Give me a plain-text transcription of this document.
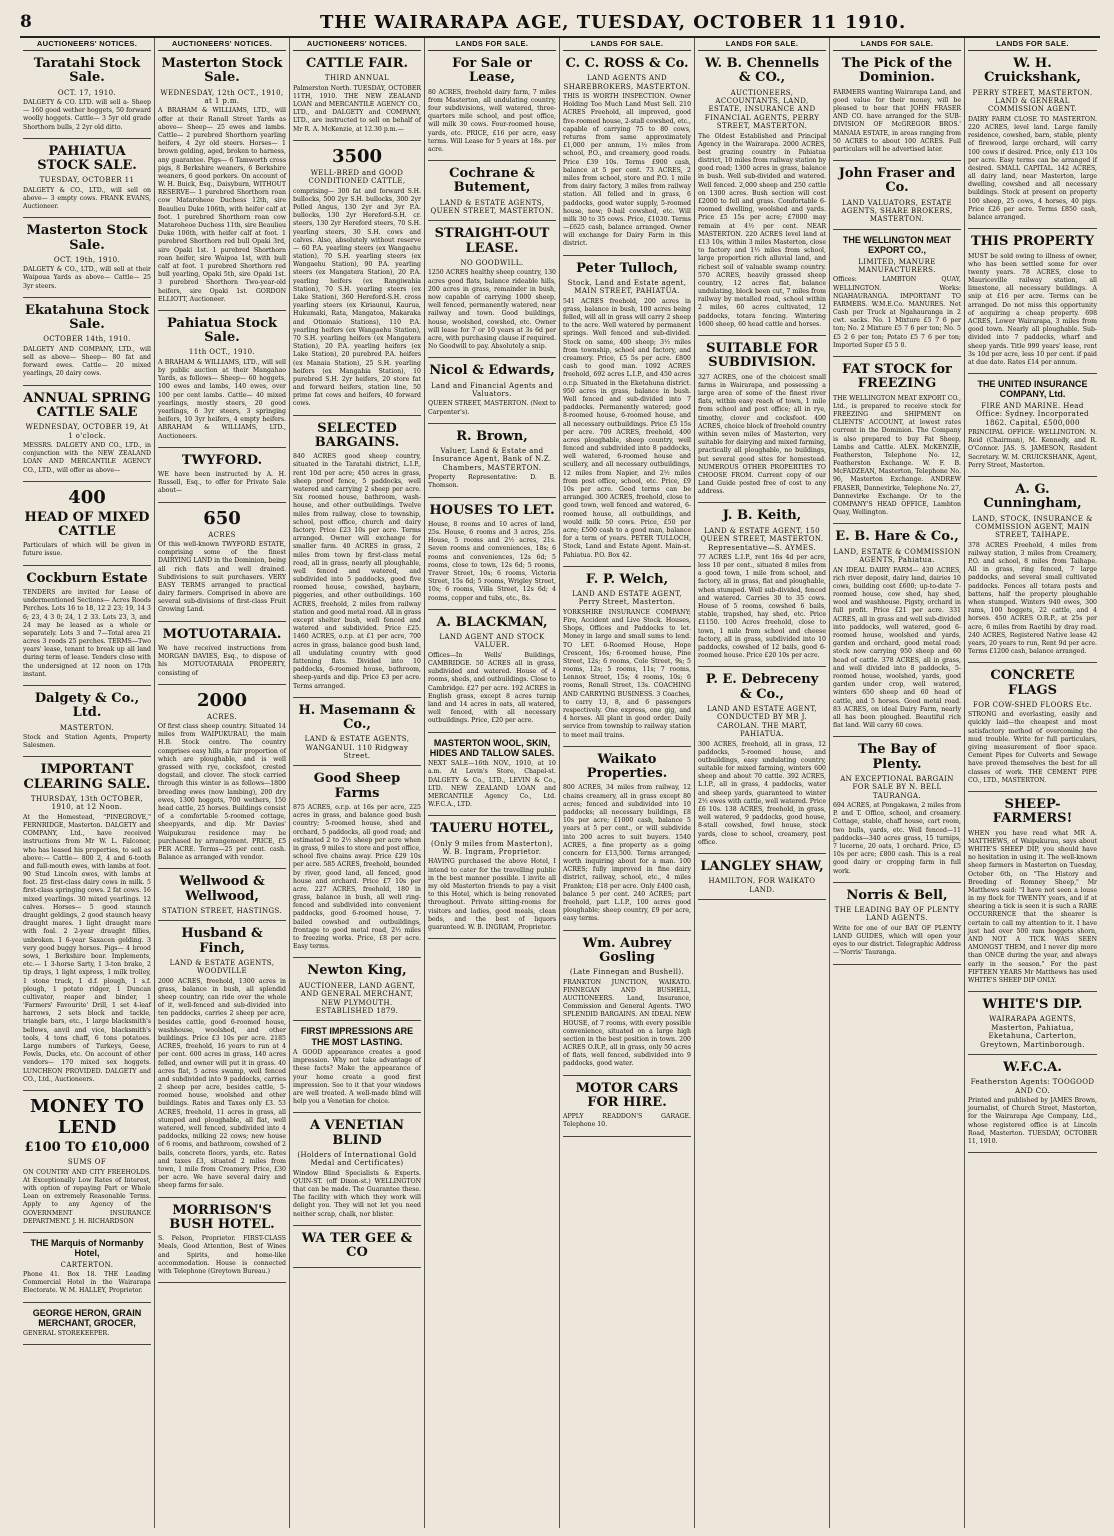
8	THE WAIRARAPA AGE, TUESDAY, OCTOBER 11 1910.
AUCTIONEERS' NOTICES.
Taratahi Stock Sale.
OCT. 17, 1910.
DALGETY & CO. LTD. will sell a- Sheep— 160 good wether hoggets, 50 forward woolly hoggets. Cattle— 3 5yr old grade Shorthorn bulls, 2 2yr old ditto.
PAHIATUA STOCK SALE.
TUESDAY, OCTOBER 11
DALGETY & CO., LTD., will sell on above— 3 empty cows. FRANK EVANS, Auctioneer.
Masterton Stock Sale.
OCT. 19th, 1910.
DALGETY & CO., LTD., will sell at their Waipoua Yards as above— Cattle— 25 3yr steers.
Ekatahuna Stock Sale.
OCTOBER 14th, 1910.
DALGETY AND COMPANY, LTD., will sell as above— Sheep— 80 fat and forward ewes. Cattle— 20 mixed yearlings, 20 dairy cows.
ANNUAL SPRING CATTLE SALE
WEDNESDAY, OCTOBER 19, At 1 o'clock.
MESSRS. DALGETY AND CO., LTD., in conjunction with the NEW ZEALAND LOAN AND MERCANTILE AGENCY CO., LTD., will offer as above—
400
HEAD OF MIXED CATTLE
Particulars of which will be given in future issue.
Cockburn Estate
TENDERS are invited for Lease of undermentioned Sections— Acres Roods Perches. Lots 16 to 18, 12 2 23; 19, 14 3 6; 23, 4 3 0; 24, 1 2 33. Lots 23, 3, and 24 may be leased as a whole or separately. Lots 3 and 7—Total area 21 acres 3 roods 25 perches. TERMS—Two years' lease, tenant to break up all land during term of lease. Tenders close with the undersigned at 12 noon on 17th instant.
Dalgety & Co., Ltd.
MASTERTON.
Stock and Station Agents, Property Salesmen.
IMPORTANT CLEARING SALE.
THURSDAY, 13th OCTOBER, 1910, at 12 Noon.
At the Homestead, "PINEGROVE," FERNRIDGE, Masterton. DALGETY and COMPANY, Ltd., have received instructions from Mr W. L. Falconer, who has leased his properties, to sell as above:— Cattle— 800 2, 4 and 6-tooth and full-mouth ewes, with lambs at foot. 90 Stud Lincoln ewes, with lambs at foot. 25 first-class dairy cows in milk. 5 first-class springing cows. 2 fat cows. 16 mixed yearlings. 30 mixed yearlings. 12 calves. Horses— 5 good staunch draught geldings, 2 good staunch heavy draught mares. 1 light draught mare with foal. 2 2-year draught fillies, unbroken. 1 6-year Saxacen gelding. 3 very good buggy horses. Pigs— 4 brood sows, 1 Berkshire boar. Implements, etc.— 1 3-horse Sarty, 1 3-ton brake, 2 tip drays, 1 light express, 1 milk trolley, 1 stone truck, 1 d.f. plough, 1 s.f. plough, 1 potato ridger, 1 Duncan cultivator, reaper and binder, 1 'Farmers' Favourite' Drill, 1 set 4-leaf harrows, 2 sets block and tackle, triangle bars, etc., 1 large blacksmith's bellows, anvil and vice, blacksmith's tools, 4 tons chaff, 6 tons potatoes. Large numbers of Turkeys, Geese, Fowls, Ducks, etc. On account of other vendors— 170 mixed sex hoggets. LUNCHEON PROVIDED. DALGETY and CO., Ltd., Auctioneers.
MONEY TO LEND
£100 TO £10,000
SUMS OF
ON COUNTRY AND CITY FREEHOLDS. At Exceptionally Low Rates of Interest, with option of repaying Part or Whole Loan on extremely Reasonable Terms. Apply to any Agency of the GOVERNMENT INSURANCE DEPARTMENT. J. H. RICHARDSON
THE Marquis of Normanby Hotel,
CARTERTON.
Phone 41. Box 18. THE Leading Commercial Hotel in the Wairarapa Electorate. W. M. HALLEY, Proprietor.
GEORGE HERON, GRAIN MERCHANT, GROCER,
GENERAL STOREKEEPER.
AUCTIONEERS' NOTICES.
Masterton Stock Sale.
WEDNESDAY, 12th OCT., 1910, at 1 p.m.
A BRAHAM & WILLIAMS, LTD., will offer at their Ranall Street Yards as above— Sheep— 25 ewes and lambs. Cattle— 2 purebred Shorthorn yearling heifers, 4 2yr old steers. Horses— 1 brown gelding, aged, broken to harness, any guarantee. Pigs— 6 Tamworth cross pigs, 8 Berkshire weaners, 6 Berkshire weaners, 6 good porkers. On account of W. H. Buick, Esq., Daisyburn, WITHOUT RESERVE— 1 purebred Shorthorn roan cow Mataroheoe Duchess 12th, sire Beaulieu Duke 106th, with heifer calf at foot. 1 purebred Shorthorn roan cow Mataroheoe Duchess 11th, sire Beaulieu Duke 106th, with heifer calf at foot. 1 purebred Shorthorn red bull Opaki 3rd, sire Opaki 1st. 1 purebred Shorthorn roan heifer, sire Waipoa 1st, with bull calf at foot. 1 purebred Shorthorn red bull yearling, Opaki 5th, sire Opaki 1st. 3 purebred Shorthorn Two-year-old heifers, sire Opaki 1st. GORDON ELLIOTT, Auctioneer.
Pahiatua Stock Sale.
11th OCT., 1910.
A BRAHAM & WILLIAMS, LTD., will sell by public auction at their Mangahao Yards, as follows— Sheep— 60 hoggets, 100 ewes and lambs, 140 ewes, over 100 per cent lambs. Cattle— 40 mixed yearlings, mostly steers, 20 good yearlings, 6 3yr steers, 3 springing heifers, 10 3yr heifers, 4 empty heifers. ABRAHAM & WILLIAMS, LTD., Auctioneers.
TWYFORD.
WE have been instructed by A. H. Russell, Esq., to offer for Private Sale about—
650
ACRES
Of this well-known TWYFORD ESTATE, comprising some of the finest DAIRYING LAND in the Dominion, being all rich flats and well drained. Subdivisions to suit purchasers. VERY EASY TERMS arranged to practical dairy farmers. Comprised in above are several sub-divisions of first-class Fruit Growing Land.
MOTUOTARAIA.
We have received instructions from MORGAN DAVIES, Esq., to dispose of his MOTUOTARAIA PROPERTY, consisting of
2000
ACRES.
Of first class sheep country. Situated 14 miles from WAIPUKURAU, the main H.B. Stock centre. The country comprises easy hills, a fair proportion of which are ploughable, and is well grassed with rye, cocksfoot, crested dogstail, and clover. The stock carried through this winter is as follows—1800 breeding ewes (now lambing), 200 dry ewes, 1300 hoggets, 700 wethers, 150 head cattle, 25 horses. Buildings consist of a comfortable 5-roomed cottage, sheepyards, and dip. Mr Davies' Waipukurau residence may be purchased by arrangement. PRICE, £5 PER ACRE. Terms—25 per cent. cash. Balance as arranged with vendor.
Wellwood & Wellwood,
STATION STREET, HASTINGS.
Husband & Finch,
LAND & ESTATE AGENTS, WOODVILLE
2000 ACRES, freehold, 1300 acres in grass, balance in bush, all splendid sheep country, can ride over the whole of it, well-fenced and sub-divided into ten paddocks, carries 2 sheep per acre, besides cattle, good 6-roomed house, washhouse, woolshed, and other buildings. Price £3 10s per acre. 2185 ACRES, freehold, 16 years to run at 4 per cent. 600 acres in grass, 140 acres felled, and owner will put it in grass. 40 acres flat, 5 acres swamp, well fenced and subdivided into 9 paddocks, carries 2 sheep per acre, besides cattle, 5-roomed house, woolshed and other buildings. Rates and Taxes only £3. 53 ACRES, freehold, 11 acres in grass, all stumped and ploughable, all flat, well watered, well fenced, subdivided into 4 paddocks, milking 22 cows; new house of 6 rooms, and bathroom, cowshed of 2 bails, concrete floors, yards, etc. Rates and taxes £3, situated 2 miles from town, 1 mile from Creamery. Price, £30 per acre. We have several dairy and sheep farms for sale.
MORRISON'S BUSH HOTEL.
S. Pelson, Proprietor. FIRST-CLASS Meals, Good Attention, Best of Wines and Spirits, and home-like accommodation. House is connected with Telephone (Greytown Bureau.)
AUCTIONEERS' NOTICES.
CATTLE FAIR.
THIRD ANNUAL
Palmerston North. TUESDAY, OCTOBER 11TH, 1910. THE NEW ZEALAND LOAN and MERCANTILE AGENCY CO., LTD., and DALGETY and COMPANY, LTD., are instructed to sell on behalf of Mr R. A. McKenzie, at 12.30 p.m.—
3500
WELL-BRED and GOOD CONDITIONED CATTLE,
comprising— 300 fat and forward S.H. bullocks, 500 2yr S.H. bullocks, 300 2yr Polled Angus, 130 2yr and 3yr P.A. bullocks, 130 2yr Hereford-S.H. cr. steers, 130 2yr Hereford steers, 70 S.H. yearling steers, 30 S.H. cows and calves. Also, absolutely without reserve— 60 P.A. yearling steers (ex Wangaehu station), 70 S.H. yearling steers (ex Wangaehu Station), 90 P.A. yearling steers (ex Mangatera Station), 20 P.A. yearling heifers (ex Rangiwahia Station), 70 S.H. yearling steers (ex Lake Station), 360 Hereford-S.H. cross yearling steers (ex Kiriaunui, Kaurua, Hukumaki, Rata, Mangatoa, Makaraka and Otiomaio Stations), 110 P.A. yearling heifers (ex Wangaehu Station), 70 S.H. yearling heifers (ex Mangatera Station), 20 P.A. yearling heifers (ex Lake Station), 20 purebred P.A. heifers (ex Manaia Station), 25 S.H. yearling heifers (ex Mangahia Station), 10 purebred S.H. 2yr heifers, 20 store fat and forward heifers, station line, 50 prime fat cows and heifers, 40 forward cows.
SELECTED BARGAINS.
840 ACRES good sheep country, situated in the Taratahi district, L.I.P., rent 10d per acre; 450 acres in grass, sheep proof fence, 5 paddocks, well watered and carrying 2 sheep per acre. Six roomed house, bathroom, wash-house, and other outbuildings. Twelve miles from railway, close to township, school, post office, church and dairy factory. Price £23 10s per acre. Terms arranged. Owner will exchange for smaller farm. 40 ACRES in grass, 2 miles from town by first-class metal road, all in grass, nearly all ploughable, well fenced and watered, and subdivided into 5 paddocks, good five roomed house, cowshed, haybarn, piggeries, and other outbuildings. 160 ACRES, freehold, 2 miles from railway station and good metal road. All in grass except shelter bush, well fenced and watered and subdivided. Price £25. 1460 ACRES, o.r.p. at £1 per acre, 700 acres in grass, balance good bush land, all undulating country with good fattening flats. Divided into 10 paddocks, 6-roomed house, bathroom, sheep-yards and dip. Price £3 per acre. Terms arranged.
H. Masemann & Co.,
LAND & ESTATE AGENTS, WANGANUI. 110 Ridgway Street.
Good Sheep Farms
875 ACRES, o.r.p. at 16s per acre, 225 acres in grass, and balance good bush country; 5-roomed house, shed and orchard, 5 paddocks, all good road; and estimated 2 to 2½ sheep per acre when in grass, 9 miles to store and post office, school five chains away. Price £29 10s per acre. 585 ACRES, freehold, bounded by river, good land, all fenced, good house and orchard. Price £7 10s per acre. 227 ACRES, freehold, 180 in grass, balance in bush, all well ring-fenced and subdivided into convenient paddocks, good 6-roomed house, 7-bailed cowshed and outbuildings, frontage to good metal road, 2½ miles to freezing works. Price, £8 per acre. Easy terms.
Newton King,
AUCTIONEER, LAND AGENT, AND GENERAL MERCHANT, NEW PLYMOUTH. ESTABLISHED 1879.
FIRST IMPRESSIONS ARE THE MOST LASTING.
A GOOD appearance creates a good impression. Why not take advantage of these facts? Make the appearance of your home create a good first impression. See to it that your windows are well treated. A well-made blind will help you a Venetian for choice.
A VENETIAN BLIND
(Holders of International Gold Medal and Certificates)
Window Blind Specialists & Experts. QUIN-ST. (off Dixon-st.) WELLINGTON that can be made. The Guarantee these. The facility with which they work will delight you. They will not let you need neither scrap, chalk, nor blister.
WA TER GEE & CO
LANDS FOR SALE.
For Sale or Lease,
80 ACRES, freehold dairy farm, 7 miles from Masterton, all undulating country, four subdivisions, well watered, three-quarters mile school, and post office, will milk 30 cows. Four-roomed house, yards, etc. PRICE, £16 per acre, easy terms. Will Lease for 5 years at 18s. per acre.
Cochrane & Butement,
LAND & ESTATE AGENTS, QUEEN STREET, MASTERTON.
STRAIGHT-OUT LEASE.
NO GOODWILL.
1250 ACRES healthy sheep country, 130 acres good flats, balance rideable hills, 200 acres in grass, remainder in bush, now capable of carrying 1000 sheep, well fenced, permanently watered, near railway and town. Good buildings, house, woolshed, cowshed, etc. Owner will lease for 7 or 10 years at 3s 6d per acre, with purchasing clause if required. No Goodwill to pay. Absolutely a snip.
Nicol & Edwards,
Land and Financial Agents and Valuators.
QUEEN STREET, MASTERTON. (Next to Carpenter's).
R. Brown,
Valuer, Land & Estate and Insurance Agent, Bank of N.Z. Chambers, MASTERTON.
Property Representative: D. B. Thomson.
HOUSES TO LET.
House, 8 rooms and 10 acres of land, 25s. House, 6 rooms and 3 acres, 25s. House, 5 rooms and 2½ acres, 21s. Seven rooms and conveniences, 18s; 6 rooms and conveniences, 12s 6d; 5 rooms, close to town, 12s 6d; 5 rooms, Traver Street, 10s; 6 rooms, Victoria Street, 15s 6d; 5 rooms, Wrigley Street, 10s; 6 rooms, Villa Street, 12s 6d; 4 rooms, copper and tubs, etc., 8s.
A. BLACKMAN,
LAND AGENT AND STOCK VALUER.
Offices—In Wells' Buildings, CAMBRIDGE. 50 ACRES all in grass, subdivided and watered. House of 4 rooms, sheds, and outbuildings. Close to Cambridge. £27 per acre. 192 ACRES in English grass, except 8 acres turnip land and 14 acres in oats, all watered, well fenced, with all necessary outbuildings. Price, £20 per acre.
MASTERTON WOOL, SKIN, HIDES AND TALLOW SALES.
NEXT SALE—16th NOV., 1910, at 10 a.m. At Levin's Store, Chapel-st. DALGETY & Co., LTD., LEVIN & Co., LTD. NEW ZEALAND LOAN and MERCANTILE Agency Co., Ltd. W.F.C.A., LTD.
TAUERU HOTEL,
(Only 9 miles from Masterton), W. B. Ingram, Proprietor.
HAVING purchased the above Hotel, I intend to cater for the travelling public in the best manner possible. I invite all my old Masterton friends to pay a visit to this Hotel, which is being renovated throughout. Private sitting-rooms for visitors and ladies, good meals, clean beds, and the best of liquors guaranteed. W. B. INGRAM, Proprietor.
LANDS FOR SALE.
C. C. ROSS & Co.
LAND AGENTS AND SHAREBROKERS, MASTERTON.
THIS IS WORTH INSPECTION. Owner Holding Too Much Land Must Sell. 210 ACRES Freehold, all improved, good five-roomed house, 2-stall cowshed, etc., capable of carrying 75 to 80 cows, returns from same approximately £1,000 per annum, 1½ miles from school, P.O., and creamery, good roads. Price £39 10s. Terms £900 cash, balance at 5 per cent. 73 ACRES, 2 miles from school, store and P.O. 1 mile from dairy factory, 3 miles from railway station. All felled and in grass, 6 paddocks, good water supply, 5-roomed house, new; 9-bail cowshed, etc. Will milk 30 to 35 cows. Price, £1030. Terms—£625 cash, balance arranged. Owner will exchange for Dairy Farm in this district.
Peter Tulloch,
Stock, Land and Estate agent, MAIN STREET, PAHIATUA.
541 ACRES freehold, 200 acres in grass, balance in bush, 100 acres being felled, will all in grass will carry 2 sheep to the acre. Well watered by permanent springs. Well fenced and sub-divided. Stock on same, 400 sheep; 3½ miles from township, school and factory, and creamery. Price, £5 5s per acre. £800 cash to good man. 1092 ACRES freehold, 692 acres L.I.P., and 450 acres o.r.p. Situated in the Eketahuna district. 950 acres in grass, balance in bush. Well fenced and sub-divided into 7 paddocks. Permanently watered; good 8-roomed house, 6-roomed house, and all necessary outbuildings. Price £5 15s per acre. 709 ACRES, freehold, 400 acres ploughable, sheep country, well fenced and subdivided into 8 paddocks, well watered, 6-roomed house and scullery, and all necessary outbuildings, 12 miles from Napier, and 2½ miles from post office, school, etc. Price, £9 10s per acre. Good terms can be arranged. 300 ACRES, freehold, close to good town, well fenced and watered, 6-roomed house, all outbuildings, and would milk 50 cows. Price, £50 per acre; £500 cash to a good man, balance for a term of years. PETER TULLOCH, Stock, Land and Estate Agent. Main-st. Pahiatua. P.O. Box 42.
F. P. Welch,
LAND AND ESTATE AGENT, Perry Street, Masterton.
YORKSHIRE INSURANCE COMPANY; Fire, Accident and Live Stock. Houses, Shops, Offices and Paddocks to let. Money in large and small sums to lend. TO LET. 6-Roomed House, Hope Crescent, 16s; 6-roomed house, Pine Street, 12s; 6 rooms, Cole Street, 9s; 5 rooms, 12s; 5 rooms, 11s; 7 rooms, Lennox Street, 15s; 4 rooms, 10s; 6 rooms, Renall Street, 13s. COACHING AND CARRYING BUSINESS. 3 Coaches, to carry 13, 8, and 6 passengers respectively. One express, one gig, and 4 horses. All plant in good order. Daily service from township to railway station to meet mail trains.
Waikato Properties.
800 ACRES, 34 miles from railway, 12 chains creamery, all in grass except 80 acres; fenced and subdivided into 10 paddocks; all necessary buildings, £8 10s per acre; £1000 cash, balance 5 years at 5 per cent., or will subdivide into 200 acres to suit buyers. 1540 ACRES, a fine property as a going concern for £13,500. Terms arranged; worth inquiring about for a man. 100 ACRES; fully improved in fine dairy district, railway, school, etc., 4 miles Frankton; £18 per acre. Only £400 cash, balance 5 per cent. 240 ACRES; part freehold, part L.I.P., 100 acres good ploughable; sheep country, £9 per acre, easy terms.
Wm. Aubrey Gosling
(Late Finnegan and Bushell).
FRANKTON JUNCTION, WAIKATO. FINNEGAN AND BUSHELL, AUCTIONEERS. Land, Insurance, Commission and General Agents. TWO SPLENDID BARGAINS. AN IDEAL NEW HOUSE, of 7 rooms, with every possible convenience, situated on a large high section in the best position in town. 200 ACRES O.R.P., all in grass, only 50 acres of flats, well fenced, subdivided into 9 paddocks, good water.
MOTOR CARS FOR HIRE.
APPLY READDON'S GARAGE. Telephone 10.
LANDS FOR SALE.
W. B. Chennells & CO.,
AUCTIONEERS, ACCOUNTANTS, LAND, ESTATE, INSURANCE AND FINANCIAL AGENTS, PERRY STREET, MASTERTON.
The Oldest Established and Principal Agency in the Wairarapa. 2000 ACRES, best grazing country in Pahiatua district, 10 miles from railway station by good road; 1300 acres in grass, balance in bush. Well sub-divided and watered. Well fenced. 2,000 sheep and 250 cattle on 1300 acres. Bush section will cost £2000 to fell and grass. Comfortable 6-roomed dwelling, woolshed and yards. Price £5 15s per acre; £7000 may remain at 4½ per cent. NEAR MASTERTON. 220 ACRES level land at £13 10s, within 3 miles Masterton, close to factory and 1½ miles from school, large proportion rich alluvial land, and richest soil of valuable swamp country. 570 ACRES, heavily grassed sheep country, 12 acres flat, balance undulating, block been cut, 7 miles from railway by metalled road, school within 2 miles, 60 acres cultivated, 12 paddocks, totara fencing. Wintering 1600 sheep, 60 head cattle and horses.
SUITABLE FOR SUBDIVISION.
327 ACRES, one of the choicest small farms in Wairarapa, and possessing a large area of some of the finest river flats, within easy reach of town, 1 mile from school and post office; all in rye, timothy, clover and cocksfoot. 400 ACRES, choice block of freehold country within seven miles of Masterton, very suitable for dairying and mixed farming, practically all ploughable, no buildings, but several good sites for homestead. NUMEROUS OTHER PROPERTIES TO CHOOSE FROM. Current copy of our Land Guide posted free of cost to any address.
J. B. Keith,
LAND & ESTATE AGENT, 150 QUEEN STREET, MASTERTON. Representative—S. AYMES.
77 ACRES L.I.P., rent 16s 4d per acre, less 10 per cent., situated 8 miles from a good town, 1 mile from school, and factory, all in grass, flat and ploughable, when stumped. Well sub-divided, fenced and watered. Carries 30 to 35 cows. House of 5 rooms, cowshed 6 bails, stable, trapshed, hay shed, etc. Price £1150. 100 Acres freehold, close to town, 1 mile from school and cheese factory, all in grass, subdivided into 10 paddocks, cowshed of 12 bails, good 6-roomed house. Price £20 10s per acre.
P. E. Debreceny & Co.,
LAND AND ESTATE AGENT, CONDUCTED BY MR J. CAROLAN. THE MART, PAHIATUA.
300 ACRES, freehold, all in grass, 12 paddocks, 5-roomed house, and outbuildings, easy undulating country, suitable for mixed farming, winters 600 sheep and about 70 cattle. 392 ACRES, L.I.P., all in grass, 4 paddocks, water and sheep yards, guaranteed to winter 2½ ewes with cattle, well watered. Price £6 10s. 138 ACRES, freehold, in grass, well watered, 9 paddocks, good house, 8-stall cowshed, fowl house, stock yards, close to school, creamery, post office.
LANGLEY SHAW,
HAMILTON, FOR WAIKATO LAND.
LANDS FOR SALE.
The Pick of the Dominion.
FARMERS wanting Wairarapa Land, and good value for their money, will be pleased to hear that JOHN FRASER AND CO. have arranged for the SUB-DIVISION OF McGREGOR BROS.' MANAIA ESTATE, in areas ranging from 50 ACRES to about 100 ACRES. Full particulars will be advertised later.
John Fraser and Co.
LAND VALUATORS, ESTATE AGENTS, SHARE BROKERS, MASTERTON.
THE WELLINGTON MEAT EXPORT CO.,
LIMITED, MANURE MANUFACTURERS.
Offices: LAMBTON QUAY, WELLINGTON. Works: NGAHAURANGA. IMPORTANT TO FARMERS. W.M.E.Co. MANURES. Net Cash per Truck at Ngahauranga in 2 cwt. sacks. No. 1 Mixture £5 7 6 per ton; No. 2 Mixture £5 7 6 per ton; No. 5 £5 2 6 per ton; Potato £5 7 6 per ton; Imported Super £5 5 0.
FAT STOCK for FREEZING
THE WELLINGTON MEAT EXPORT CO., Ltd., is prepared to receive stock for FREEZING and SHIPMENT on CLIENTS' ACCOUNT, at lowest rates current in the Dominion. The Company is also prepared to buy Fat Sheep, Lambs and Cattle. ALEX. McKENZIE, Featherston, Telephone No. 12, Featherston Exchange. W. F. B. McFADZEAN, Masterton, Telephone No. 96, Masterton Exchange. ANDREW FRASER, Dannevirke, Telephone No. 27, Dannevirke Exchange. Or to the COMPANY'S HEAD OFFICE, Lambton Quay, Wellington.
E. B. Hare & Co.,
LAND, ESTATE & COMMISSION AGENTS, Pahiatua.
AN IDEAL DAIRY FARM— 430 ACRES, rich river deposit, dairy land, dairies 10 cows, building cost £600; up-to-date 7-roomed house, cow shed, hay shed, wool and washhouse. Pigsty, orchard in full profit. Price £21 per acre. 331 ACRES, all in grass and well sub-divided into paddocks, well watered, good 6-roomed house, woolshed and yards, garden and orchard, good metal road; stock now carrying 950 sheep and 60 head of cattle. 378 ACRES, all in grass, and well divided into 8 paddocks, 5-roomed house, woolshed, yards, good garden under crop, well watered, winters 650 sheep and 60 head of cattle, and 5 horses. Good metal road. 83 ACRES, on ideal Dairy Farm, nearly all has been ploughed. Beautiful rich flat land. Will carry 60 cows.
The Bay of Plenty.
AN EXCEPTIONAL BARGAIN FOR SALE BY N. BELL TAURANGA.
694 ACRES, at Pongakawa, 2 miles from P. and T. Office, school, and creamery. Cottage, stable, chaff house, cart room, two bulls, yards, etc. Well fenced—11 paddocks—340 acres grass, 15 turnips, 7 lucerne, 20 oats, 1 orchard. Price, £5 10s per acre; £800 cash. This is a real good dairy or cropping farm in full work.
Norris & Bell,
THE LEADING BAY OF PLENTY LAND AGENTS.
Write for one of our BAY OF PLENTY LAND GUIDES, which will open your eyes to our district. Telegraphic Address—'Norris' Tauranga.
LANDS FOR SALE.
W. H. Cruickshank,
PERRY STREET, MASTERTON. LAND & GENERAL COMMISSION AGENT.
DAIRY FARM CLOSE TO MASTERTON. 220 ACRES, level land. Large family residence, cowshed, barn, stable, plenty of firewood, large orchard, will carry 100 cows if desired. Price, only £13 10s per acre. Easy terms can be arranged if desired. SMALL CAPITAL. 142 ACRES, all dairy land, near Masterton, large dwelling, cowshed and all necessary buildings. Stock at present on property 100 sheep, 25 cows, 4 horses, 40 pigs. Price £26 per acre. Terms £850 cash, balance arranged.
THIS PROPERTY
MUST be sold owing to illness of owner, who has been settled some for over twenty years. 78 ACRES, close to Mauriceville railway station, all limestone, all necessary buildings. A snip at £16 per acre. Terms can be arranged. Do not miss this opportunity of acquiring a cheap property. 698 ACRES, Lower Wairarapa, 3 miles from good town. Nearly all ploughable. Sub-divided into 7 paddocks, wharf and sheep yards. Title 999 years' lease, rent 3s 10d per acre, less 10 per cent. if paid at due date. Rates £14 per annum.
THE UNITED INSURANCE COMPANY, Ltd.
FIRE AND MARINE. Head Office: Sydney. Incorporated 1862. Capital, £500,000
PRINCIPAL OFFICE: WELLINGTON. N. Reid (Chairman), M. Kennedy, and R. O'Connor. JAS. S. JAMESON, Resident Secretary. W. M. CRUICKSHANK, Agent, Perry Street, Masterton.
A. G. Cunningham,
LAND, STOCK, INSURANCE & COMMISSION AGENT, MAIN STREET, TAIHAPE.
378 ACRES Freehold, 4 miles from railway station, 3 miles from Creamery, P.O. and school, 8 miles from Taihape. All in grass, ring fenced, 7 large paddocks, and several small cultivated paddocks. Fences all totara posts and battens, half the property ploughable when stumped. Winters 940 ewes, 300 rams, 100 hoggets, 22 cattle, and 4 horses. 450 ACRES O.R.P., at 25s per acre, 6 miles from Raetihi by dray road. 240 ACRES, Registered Native lease 42 years, 20 years to run, Rent 9d per acre. Terms £1200 cash, balance arranged.
CONCRETE FLAGS
FOR COW-SHED FLOORS Etc.
STRONG and everlasting, easily and quickly laid—the cheapest and most satisfactory method of overcoming the mud trouble. Write for full particulars, giving measurement of floor space. Cement Pipes for Culverts and Sewage have proved themselves the best for all classes of work. THE CEMENT PIPE CO., LTD., MASTERTON.
SHEEP-FARMERS!
WHEN you have read what MR A. MATTHEWS, of Waipukurau, says about WHITE'S SHEEP DIP, you should have no hesitation in using it. The well-known sheep farmers in Masterton on Tuesday, October 6th, on "The History and Breeding of Romney Sheep," Mr Matthews said: "I have not seen a louse in my flock for TWENTY years, and if at shearing a tick is seen it is such a RARE OCCURRENCE that the shearer is certain to call my attention to it. I have just had over 500 ram hoggets shorn, AND NOT A TICK WAS SEEN AMONGST THEM, and I never dip more than ONCE during the year, and always early in the season." For the past FIFTEEN YEARS Mr Matthews has used WHITE'S SHEEP DIP ONLY.
WHITE'S DIP.
WAIRARAPA AGENTS, Masterton, Pahiatua, Eketahuna, Carterton, Greytown, Martinborough.
W.F.C.A.
Featherston Agents: TOOGOOD AND CO.
Printed and published by JAMES Brown, journalist, of Church Street, Masterton, for the Wairarapa Age Company, Ltd., whose registered office is at Lincoln Road, Masterton. TUESDAY, OCTOBER 11, 1910.
